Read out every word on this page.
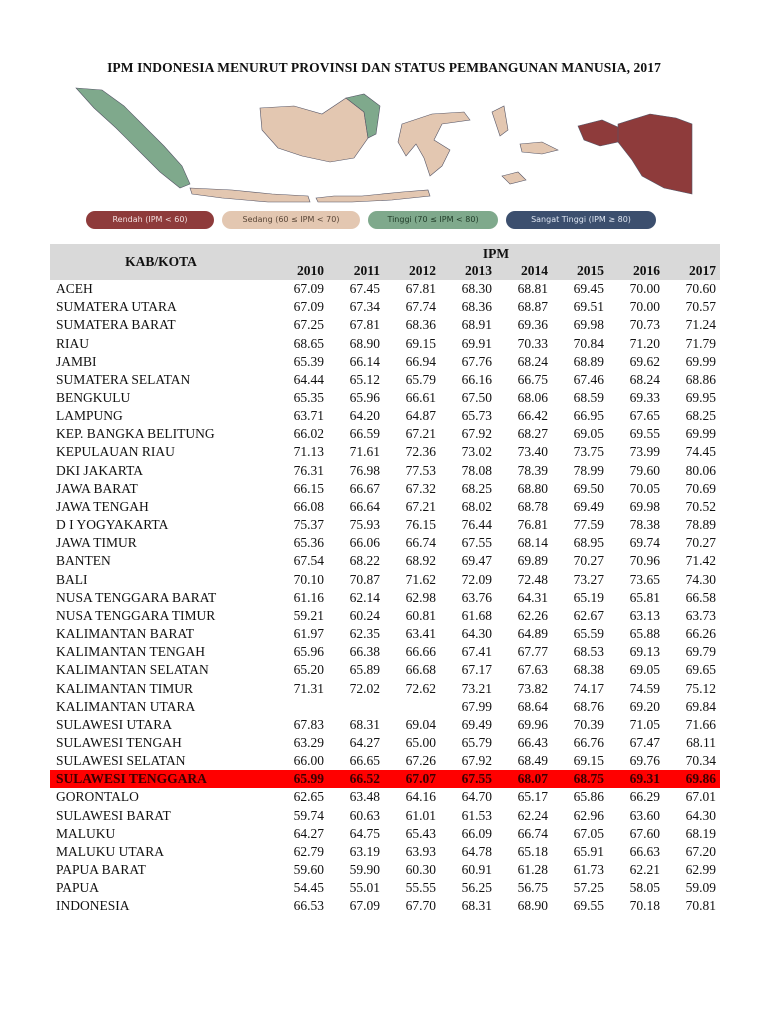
IPM INDONESIA MENURUT PROVINSI DAN STATUS PEMBANGUNAN MANUSIA, 2017
Rendah (IPM < 60)	Sedang (60 ≤ IPM < 70)	Tinggi (70 ≤ IPM < 80)	Sangat Tinggi (IPM ≥ 80)
KAB/KOTA	IPM							
	2010	2011	2012	2013	2014	2015	2016	2017
ACEH	67.09	67.45	67.81	68.30	68.81	69.45	70.00	70.60
SUMATERA UTARA	67.09	67.34	67.74	68.36	68.87	69.51	70.00	70.57
SUMATERA BARAT	67.25	67.81	68.36	68.91	69.36	69.98	70.73	71.24
RIAU	68.65	68.90	69.15	69.91	70.33	70.84	71.20	71.79
JAMBI	65.39	66.14	66.94	67.76	68.24	68.89	69.62	69.99
SUMATERA SELATAN	64.44	65.12	65.79	66.16	66.75	67.46	68.24	68.86
BENGKULU	65.35	65.96	66.61	67.50	68.06	68.59	69.33	69.95
LAMPUNG	63.71	64.20	64.87	65.73	66.42	66.95	67.65	68.25
KEP. BANGKA BELITUNG	66.02	66.59	67.21	67.92	68.27	69.05	69.55	69.99
KEPULAUAN RIAU	71.13	71.61	72.36	73.02	73.40	73.75	73.99	74.45
DKI JAKARTA	76.31	76.98	77.53	78.08	78.39	78.99	79.60	80.06
JAWA BARAT	66.15	66.67	67.32	68.25	68.80	69.50	70.05	70.69
JAWA TENGAH	66.08	66.64	67.21	68.02	68.78	69.49	69.98	70.52
D I YOGYAKARTA	75.37	75.93	76.15	76.44	76.81	77.59	78.38	78.89
JAWA TIMUR	65.36	66.06	66.74	67.55	68.14	68.95	69.74	70.27
BANTEN	67.54	68.22	68.92	69.47	69.89	70.27	70.96	71.42
BALI	70.10	70.87	71.62	72.09	72.48	73.27	73.65	74.30
NUSA TENGGARA BARAT	61.16	62.14	62.98	63.76	64.31	65.19	65.81	66.58
NUSA TENGGARA TIMUR	59.21	60.24	60.81	61.68	62.26	62.67	63.13	63.73
KALIMANTAN BARAT	61.97	62.35	63.41	64.30	64.89	65.59	65.88	66.26
KALIMANTAN TENGAH	65.96	66.38	66.66	67.41	67.77	68.53	69.13	69.79
KALIMANTAN SELATAN	65.20	65.89	66.68	67.17	67.63	68.38	69.05	69.65
KALIMANTAN TIMUR	71.31	72.02	72.62	73.21	73.82	74.17	74.59	75.12
KALIMANTAN UTARA				67.99	68.64	68.76	69.20	69.84
SULAWESI UTARA	67.83	68.31	69.04	69.49	69.96	70.39	71.05	71.66
SULAWESI TENGAH	63.29	64.27	65.00	65.79	66.43	66.76	67.47	68.11
SULAWESI SELATAN	66.00	66.65	67.26	67.92	68.49	69.15	69.76	70.34
SULAWESI TENGGARA	65.99	66.52	67.07	67.55	68.07	68.75	69.31	69.86
GORONTALO	62.65	63.48	64.16	64.70	65.17	65.86	66.29	67.01
SULAWESI BARAT	59.74	60.63	61.01	61.53	62.24	62.96	63.60	64.30
MALUKU	64.27	64.75	65.43	66.09	66.74	67.05	67.60	68.19
MALUKU UTARA	62.79	63.19	63.93	64.78	65.18	65.91	66.63	67.20
PAPUA BARAT	59.60	59.90	60.30	60.91	61.28	61.73	62.21	62.99
PAPUA	54.45	55.01	55.55	56.25	56.75	57.25	58.05	59.09
INDONESIA	66.53	67.09	67.70	68.31	68.90	69.55	70.18	70.81
